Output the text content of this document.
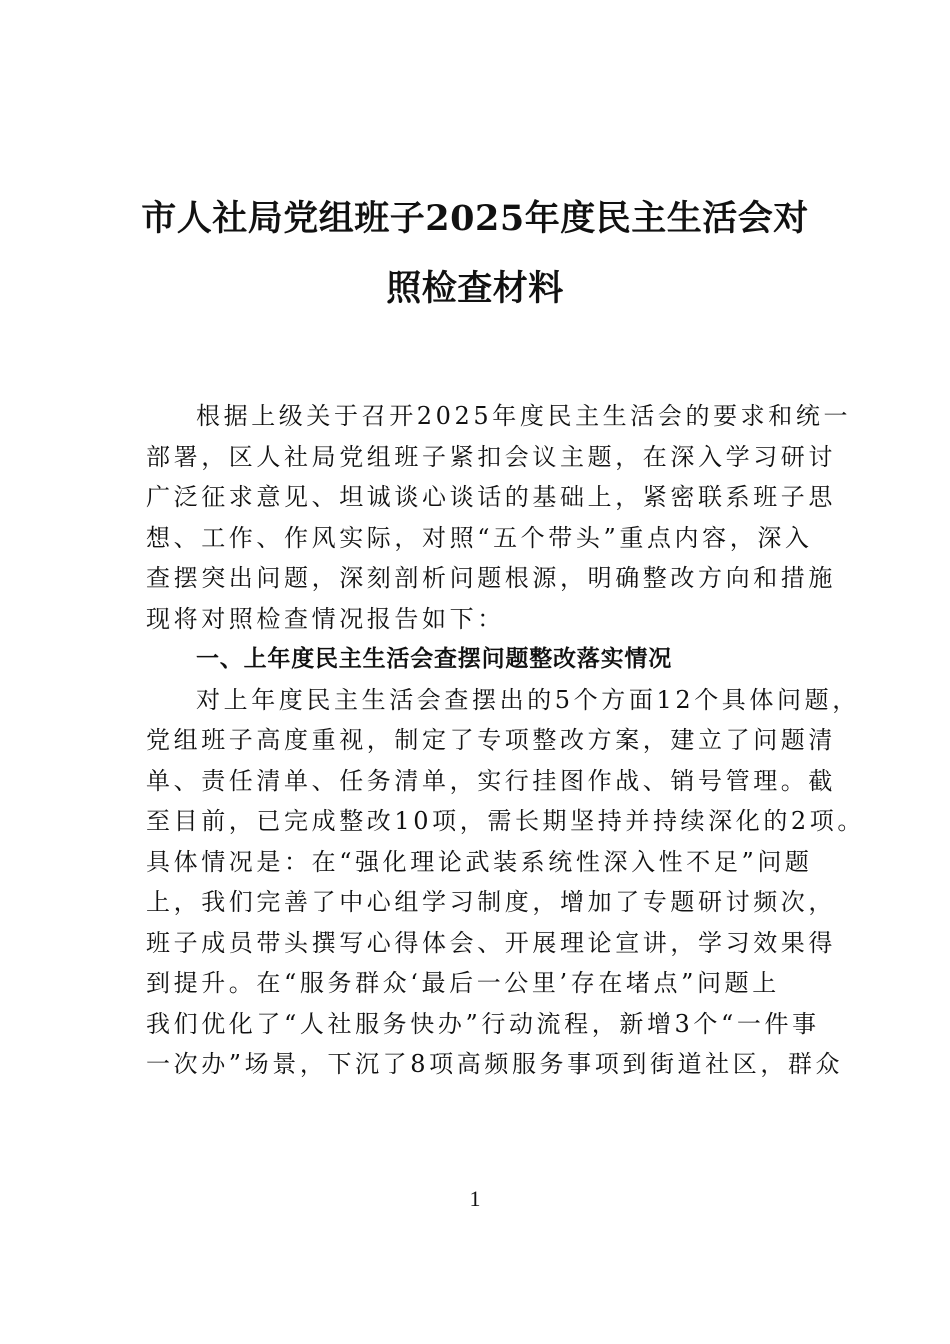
市人社局党组班子2025年度民主生活会对
照检查材料
根据上级关于召开2025年度民主生活会的要求和统一
部署，区人社局党组班子紧扣会议主题，在深入学习研讨
广泛征求意见、坦诚谈心谈话的基础上，紧密联系班子思
想、工作、作风实际，对照“五个带头”重点内容，深入
查摆突出问题，深刻剖析问题根源，明确整改方向和措施
现将对照检查情况报告如下：
一、上年度民主生活会查摆问题整改落实情况
对上年度民主生活会查摆出的5个方面12个具体问题，
党组班子高度重视，制定了专项整改方案，建立了问题清
单、责任清单、任务清单，实行挂图作战、销号管理。截
至目前，已完成整改10项，需长期坚持并持续深化的2项。
具体情况是：在“强化理论武装系统性深入性不足”问题
上，我们完善了中心组学习制度，增加了专题研讨频次，
班子成员带头撰写心得体会、开展理论宣讲，学习效果得
到提升。在“服务群众‘最后一公里’存在堵点”问题上
我们优化了“人社服务快办”行动流程，新增3个“一件事
一次办”场景，下沉了8项高频服务事项到街道社区，群众
1
